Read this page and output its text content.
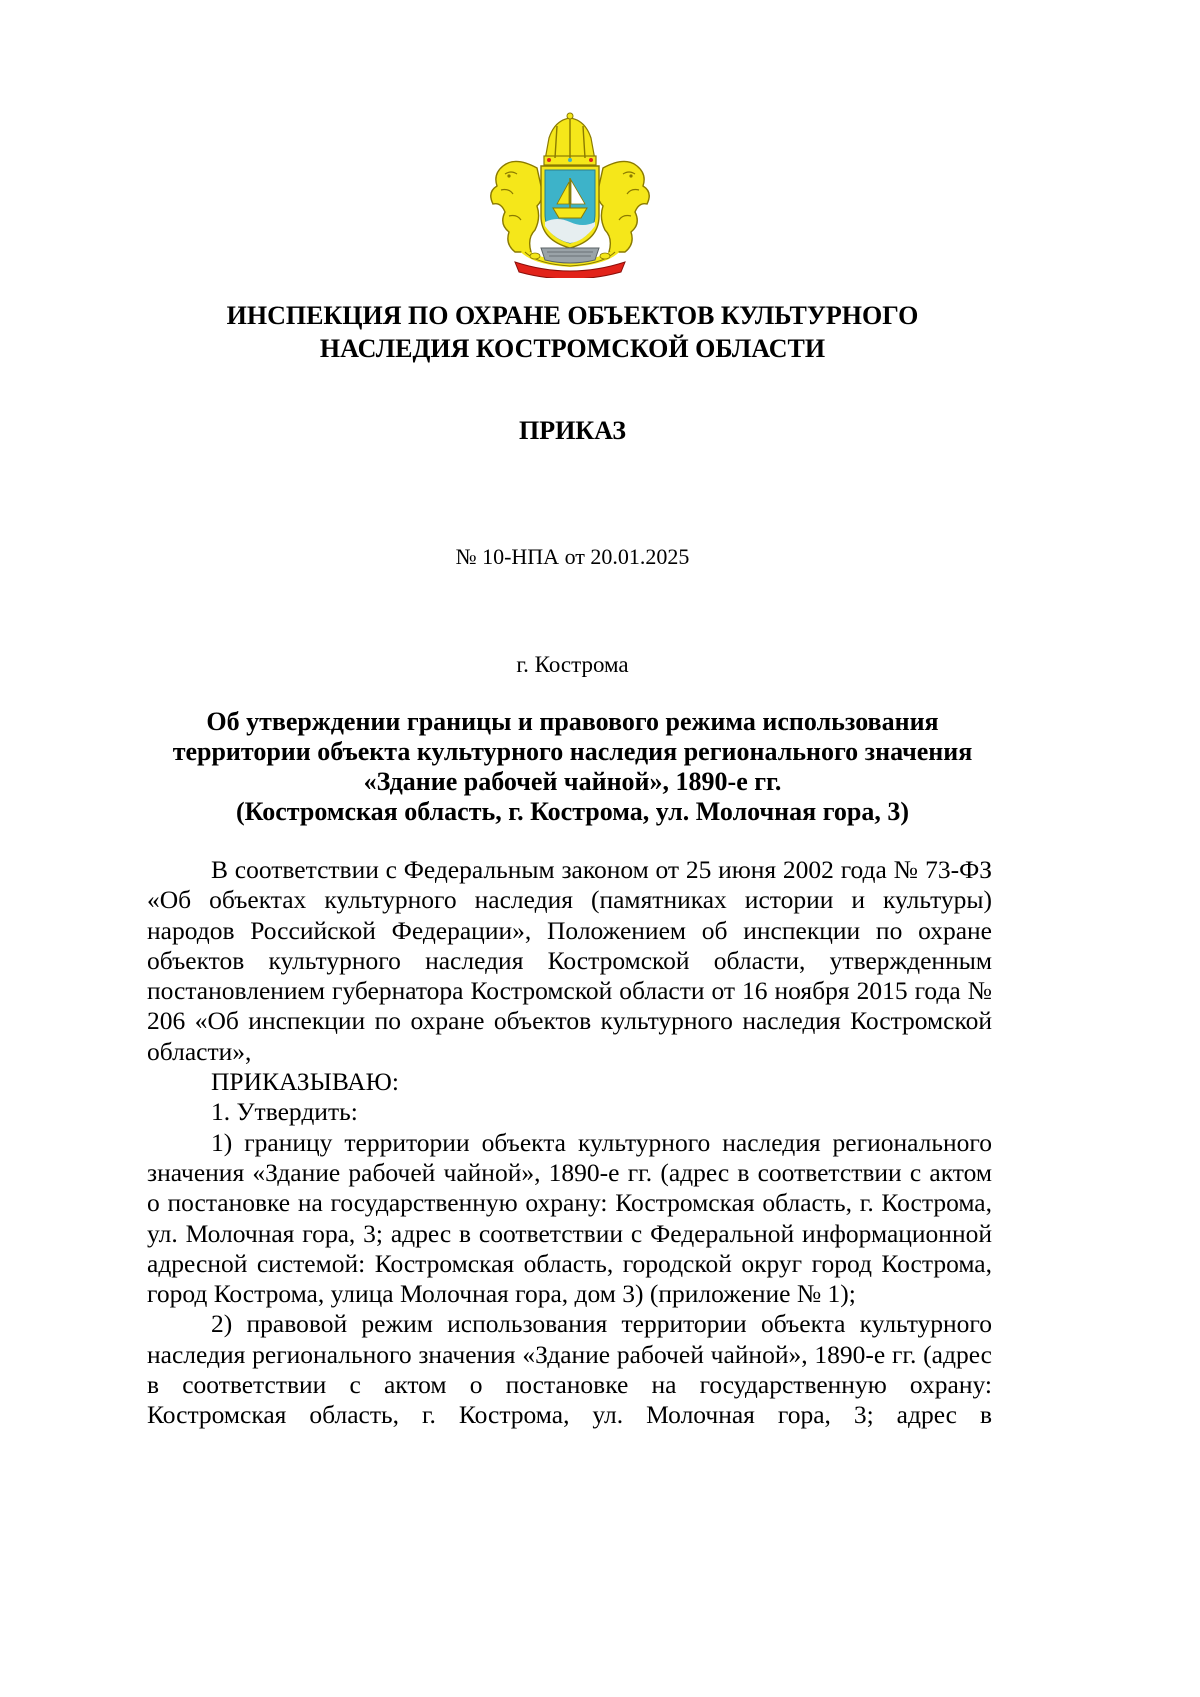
ИНСПЕКЦИЯ ПО ОХРАНЕ ОБЪЕКТОВ КУЛЬТУРНОГО
НАСЛЕДИЯ КОСТРОМСКОЙ ОБЛАСТИ
ПРИКАЗ
№ 10-НПА от 20.01.2025
г. Кострома
Об утверждении границы и правового режима использования
территории объекта культурного наследия регионального значения
«Здание рабочей чайной», 1890-е гг.
(Костромская область, г. Кострома, ул. Молочная гора, 3)

В соответствии с Федеральным законом от 25 июня 2002 года № 73-ФЗ «Об объектах культурного наследия (памятниках истории и культуры) народов Российской Федерации», Положением об инспекции по охране объектов культурного наследия Костромской области, утвержденным постановлением губернатора Костромской области от 16 ноября 2015 года № 206 «Об инспекции по охране объектов культурного наследия Костромской области»,

ПРИКАЗЫВАЮ:

1. Утвердить:

1) границу территории объекта культурного наследия регионального значения «Здание рабочей чайной», 1890-е гг. (адрес в соответствии с актом о постановке на государственную охрану: Костромская область, г. Кострома, ул. Молочная гора, 3; адрес в соответствии с Федеральной информационной адресной системой: Костромская область, городской округ город Кострома, город Кострома, улица Молочная гора, дом 3) (приложение № 1);

2) правовой режим использования территории объекта культурного наследия регионального значения «Здание рабочей чайной», 1890-е гг. (адрес в соответствии с актом о постановке на государственную охрану: Костромская область, г. Кострома, ул. Молочная гора, 3; адрес в
